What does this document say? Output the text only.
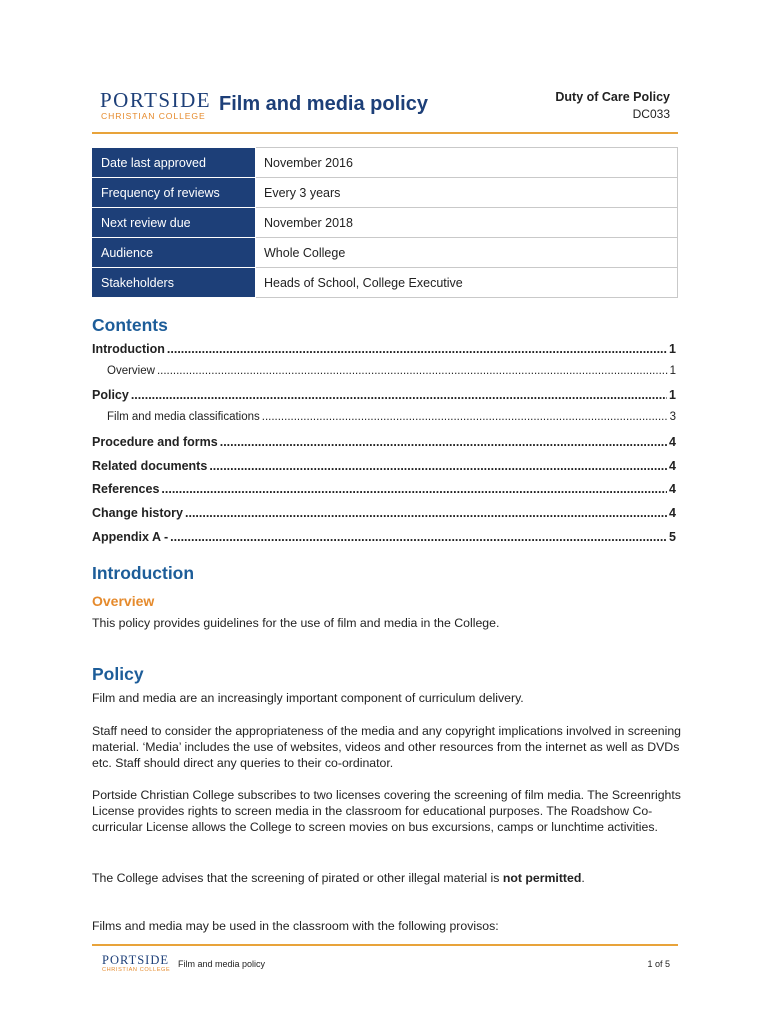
PORTSIDE
CHRISTIAN COLLEGE
Film and media policy	Duty of Care Policy
DC033
Date last approved	November 2016
Frequency of reviews	Every 3 years
Next review due	November 2018
Audience	Whole College
Stakeholders	Heads of School, College Executive
Contents
Introduction .....	1
Overview .....	1
Policy .....	1
Film and media classifications .....	3
Procedure and forms .....	4
Related documents .....	4
References .....	4
Change history .....	4
Appendix A - .....	5
Introduction
Overview
This policy provides guidelines for the use of film and media in the College.
Policy
Film and media are an increasingly important component of curriculum delivery.
Staff need to consider the appropriateness of the media and any copyright implications involved in screening material. ‘Media’ includes the use of websites, videos and other resources from the internet as well as DVDs etc. Staff should direct any queries to their co-ordinator.
Portside Christian College subscribes to two licenses covering the screening of film media. The Screenrights License provides rights to screen media in the classroom for educational purposes. The Roadshow Co-curricular License allows the College to screen movies on bus excursions, camps or lunchtime activities.
The College advises that the screening of pirated or other illegal material is not permitted.
Films and media may be used in the classroom with the following provisos:
PORTSIDE
CHRISTIAN COLLEGE
Film and media policy	1 of 5
